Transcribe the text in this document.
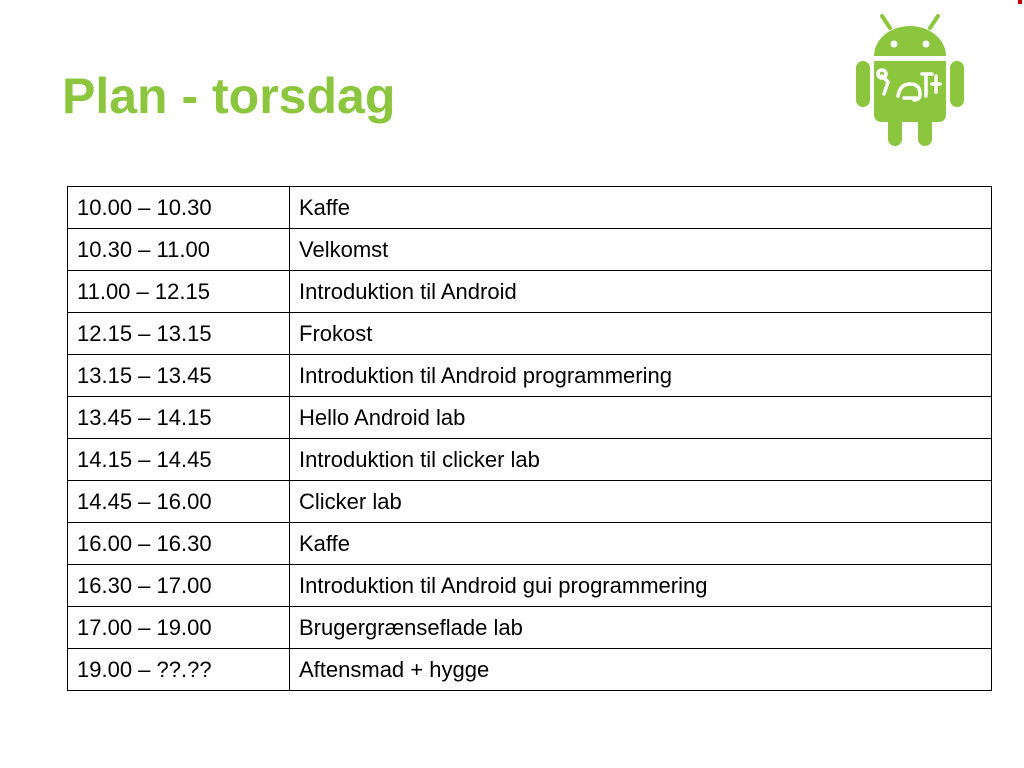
Plan - torsdag
10.00 – 10.30	Kaffe
10.30 – 11.00	Velkomst
11.00 – 12.15	Introduktion til Android
12.15 – 13.15	Frokost
13.15 – 13.45	Introduktion til Android programmering
13.45 – 14.15	Hello Android lab
14.15 – 14.45	Introduktion til clicker lab
14.45 – 16.00	Clicker lab
16.00 – 16.30	Kaffe
16.30 – 17.00	Introduktion til Android gui programmering
17.00 – 19.00	Brugergrænseflade lab
19.00 – ??.??	Aftensmad + hygge
